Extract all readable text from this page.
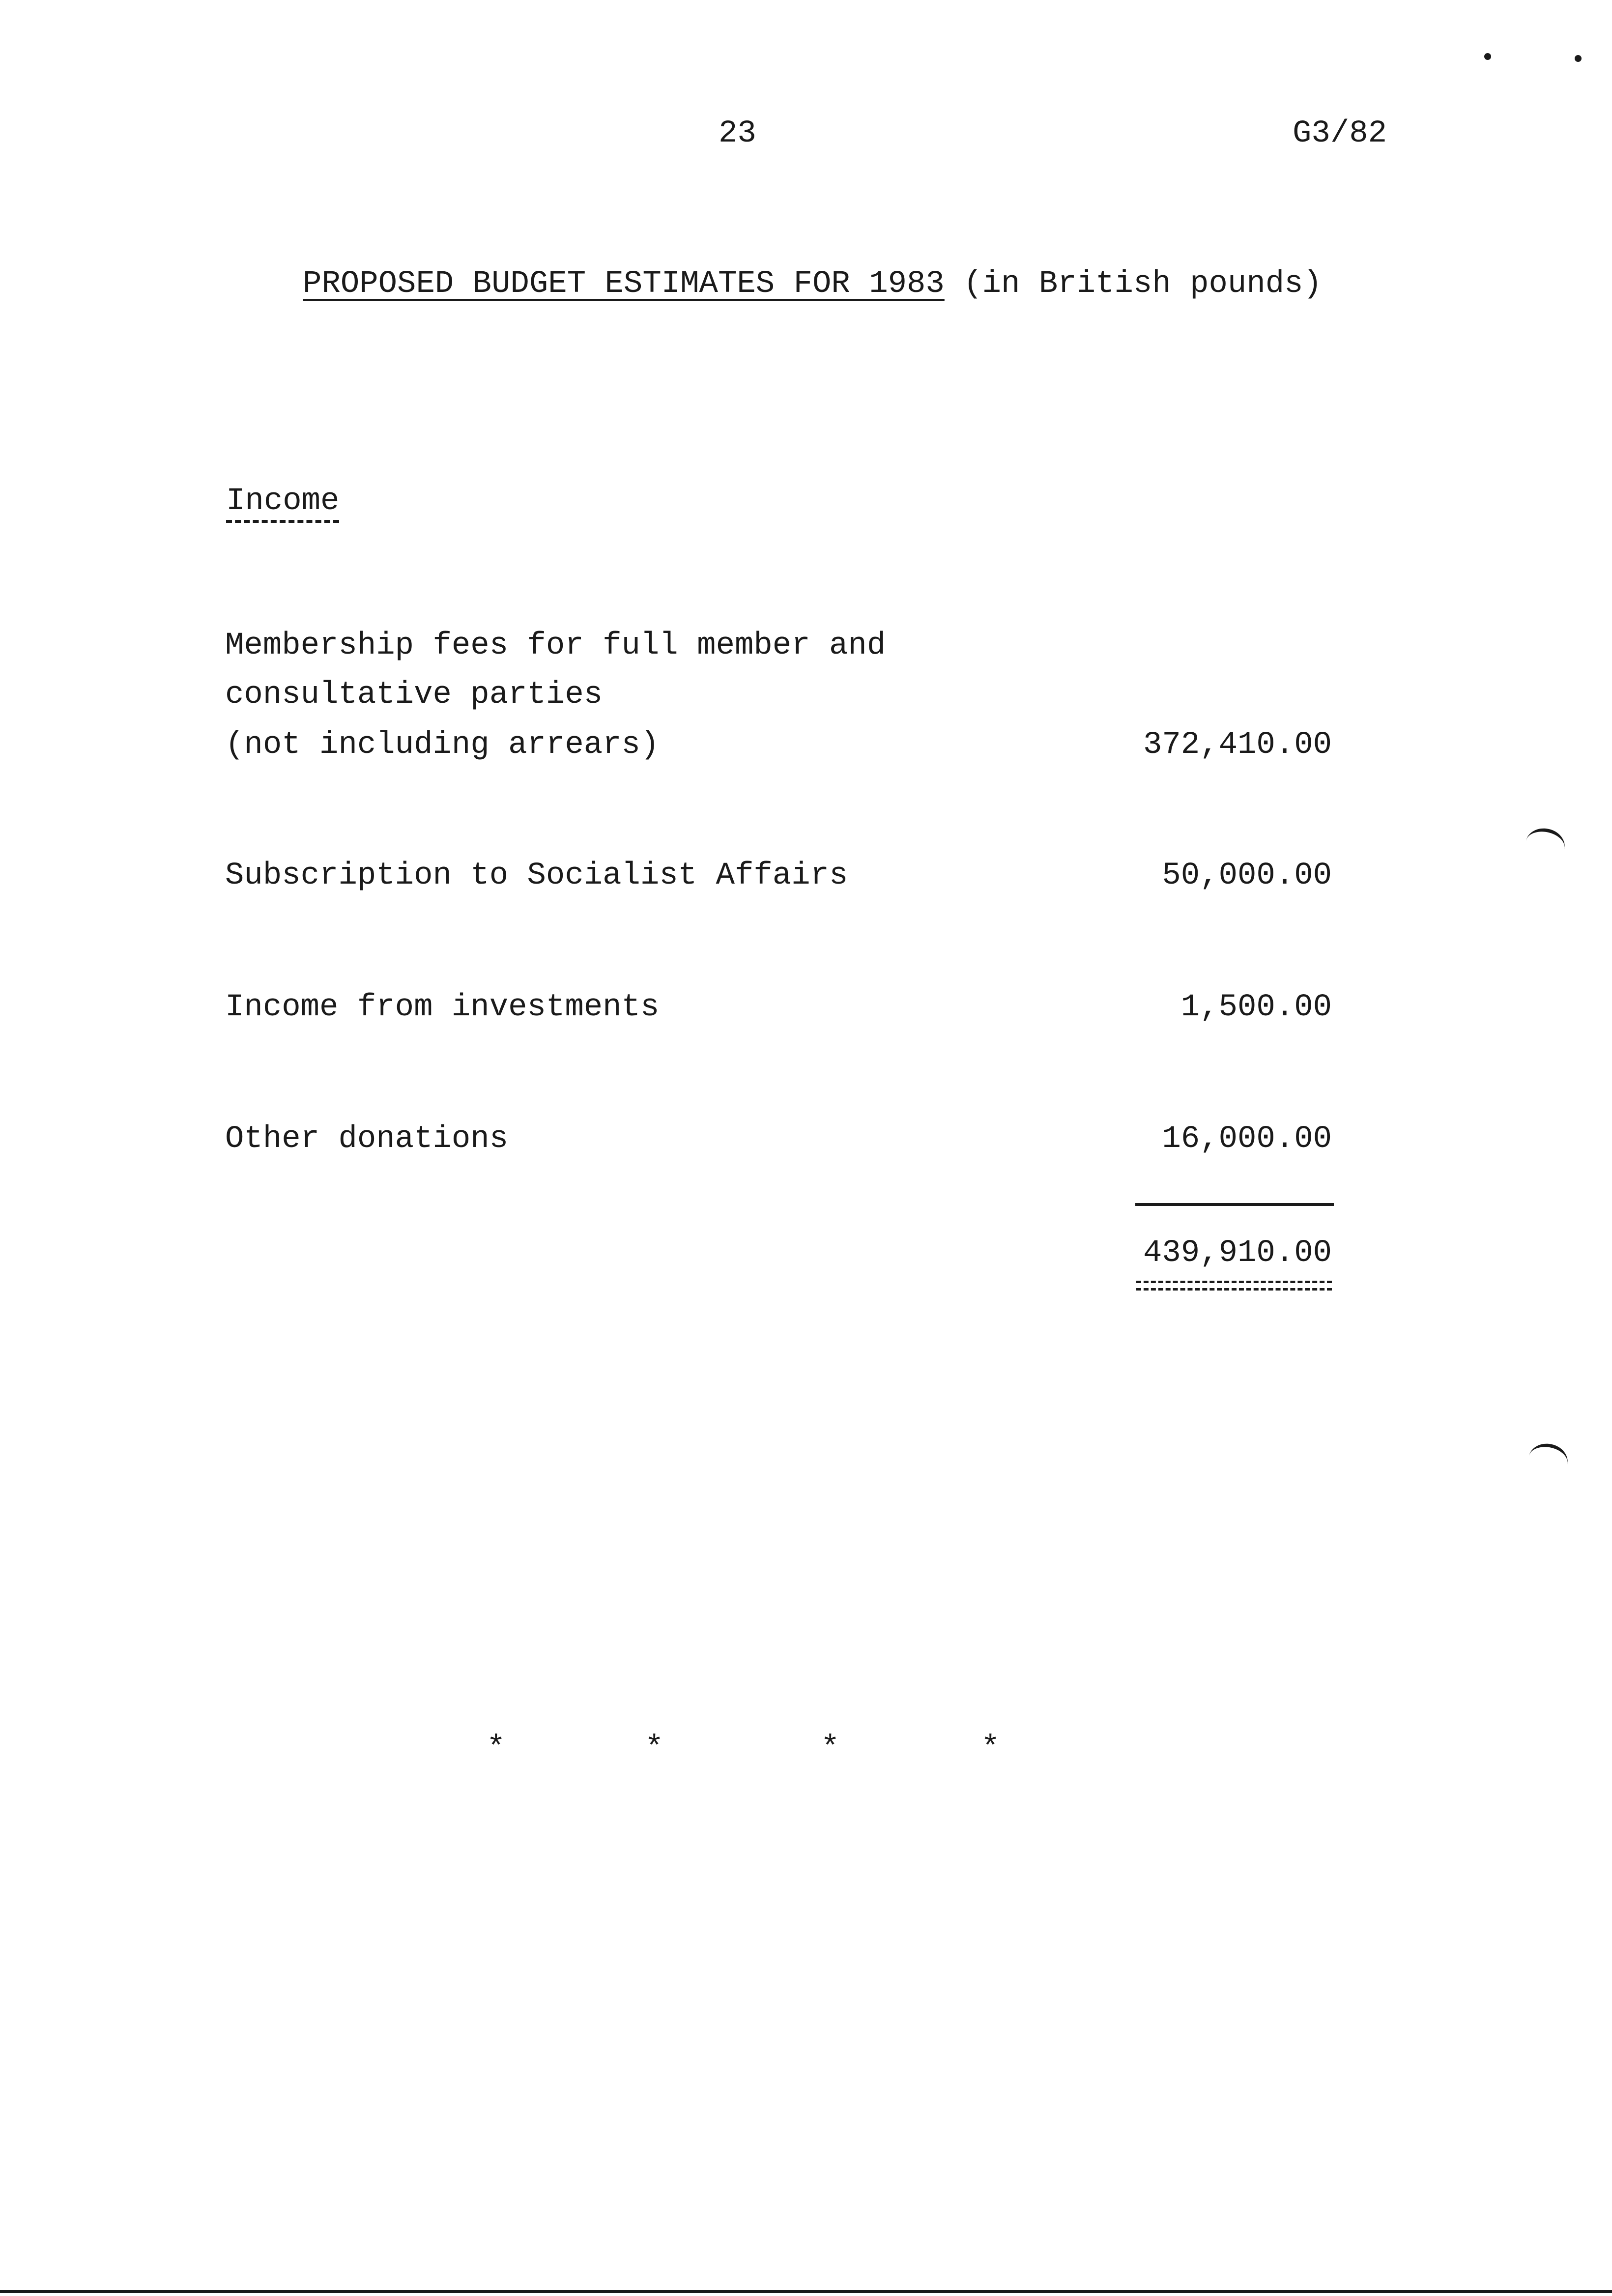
23	G3/82

PROPOSED BUDGET ESTIMATES FOR 1983 (in British pounds)

Income

Membership fees for full member and

consultative parties

(not including arrears)	372,410.00

Subscription to Socialist Affairs	50,000.00

Income from investments	1,500.00

Other donations	16,000.00

439,910.00

*	*	*	*
